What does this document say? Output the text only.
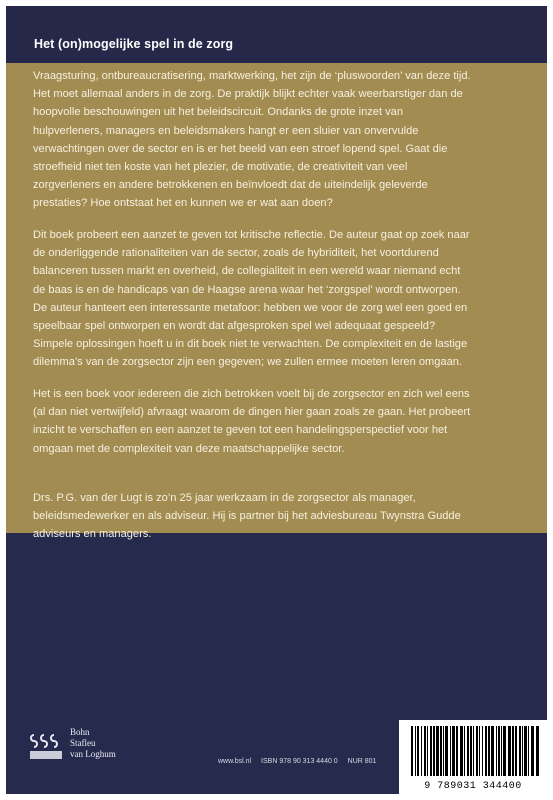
Het (on)mogelijke spel in de zorg

Vraagsturing, ontbureaucratisering, marktwerking, het zijn de ‘pluswoorden’ van deze tijd. Het moet allemaal anders in de zorg. De praktijk blijkt echter vaak weerbarstiger dan de hoopvolle beschouwingen uit het beleidscircuit. Ondanks de grote inzet van hulpverleners, managers en beleidsmakers hangt er een sluier van onvervulde verwachtingen over de sector en is er het beeld van een stroef lopend spel. Gaat die stroefheid niet ten koste van het plezier, de motivatie, de creativiteit van veel zorgverleners en andere betrokkenen en beïnvloedt dat de uiteindelijk geleverde prestaties? Hoe ontstaat het en kunnen we er wat aan doen?

Dit boek probeert een aanzet te geven tot kritische reflectie. De auteur gaat op zoek naar de onderliggende rationaliteiten van de sector, zoals de hybriditeit, het voortdurend balanceren tussen markt en overheid, de collegialiteit in een wereld waar niemand echt de baas is en de handicaps van de Haagse arena waar het ‘zorgspel’ wordt ontworpen. De auteur hanteert een interessante metafoor: hebben we voor de zorg wel een goed en speelbaar spel ontworpen en wordt dat afgesproken spel wel adequaat gespeeld? Simpele oplossingen hoeft u in dit boek niet te verwachten. De complexiteit en de lastige dilemma’s van de zorgsector zijn een gegeven; we zullen ermee moeten leren omgaan.

Het is een boek voor iedereen die zich betrokken voelt bij de zorgsector en zich wel eens (al dan niet vertwijfeld) afvraagt waarom de dingen hier gaan zoals ze gaan. Het probeert inzicht te verschaffen en een aanzet te geven tot een handelingsperspectief voor het omgaan met de complexiteit van deze maatschappelijke sector.

Drs. P.G. van der Lugt is zo’n 25 jaar werkzaam in de zorgsector als manager, beleidsmedewerker en als adviseur. Hij is partner bij het adviesbureau Twynstra Gudde adviseurs en managers.

Bohn
Stafleu
van Loghum
www.bsl.nl ISBN 978 90 313 4440 0 NUR 801
9 789031 344400
